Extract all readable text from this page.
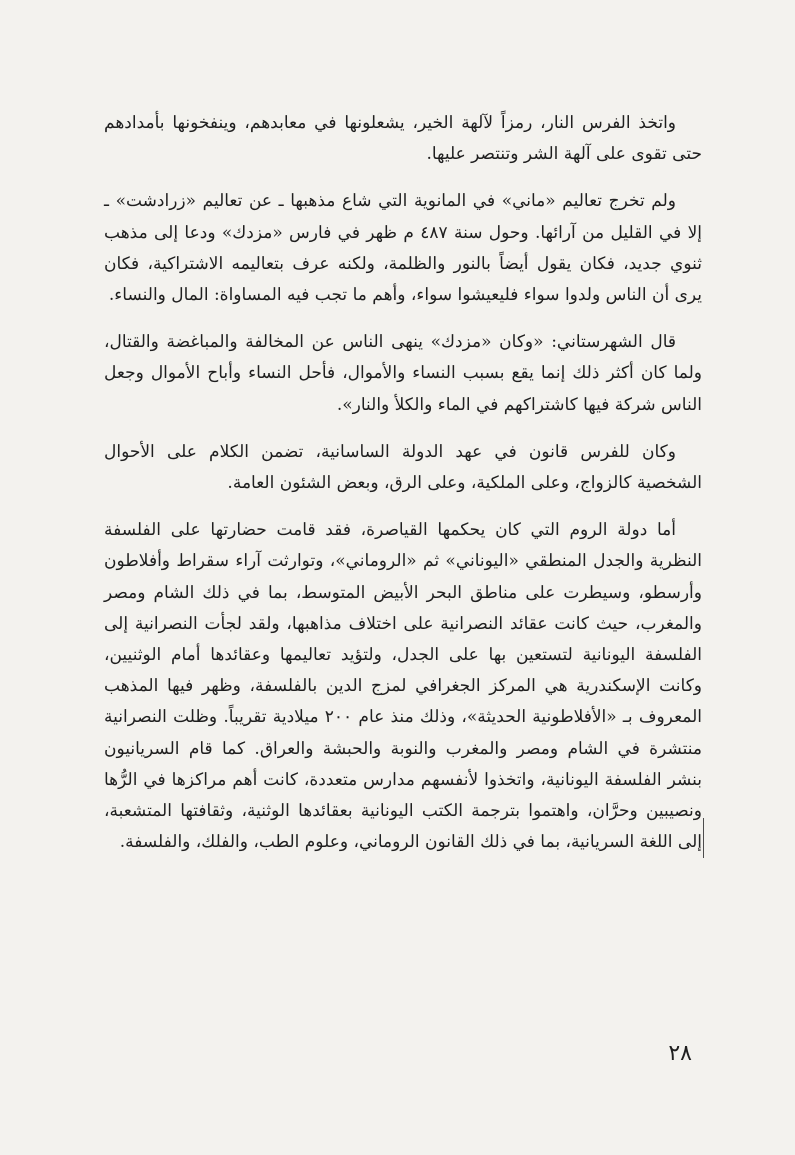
واتخذ الفرس النار، رمزاً لآلهة الخير، يشعلونها في معابدهم، وينفخونها بأمدادهم حتى تقوى على آلهة الشر وتنتصر عليها.

ولم تخرج تعاليم «ماني» في المانوية التي شاع مذهبها ـ عن تعاليم «زرادشت» ـ إلا في القليل من آرائها. وحول سنة ٤٨٧ م ظهر في فارس «مزدك» ودعا إلى مذهب ثنوي جديد، فكان يقول أيضاً بالنور والظلمة، ولكنه عرف بتعاليمه الاشتراكية، فكان يرى أن الناس ولدوا سواء فليعيشوا سواء، وأهم ما تجب فيه المساواة: المال والنساء.

قال الشهرستاني: «وكان «مزدك» ينهى الناس عن المخالفة والمباغضة والقتال، ولما كان أكثر ذلك إنما يقع بسبب النساء والأموال، فأحل النساء وأباح الأموال وجعل الناس شركة فيها كاشتراكهم في الماء والكلأ والنار».

وكان للفرس قانون في عهد الدولة الساسانية، تضمن الكلام على الأحوال الشخصية كالزواج، وعلى الملكية، وعلى الرق، وبعض الشئون العامة.

أما دولة الروم التي كان يحكمها القياصرة، فقد قامت حضارتها على الفلسفة النظرية والجدل المنطقي «اليوناني» ثم «الروماني»، وتوارثت آراء سقراط وأفلاطون وأرسطو، وسيطرت على مناطق البحر الأبيض المتوسط، بما في ذلك الشام ومصر والمغرب، حيث كانت عقائد النصرانية على اختلاف مذاهبها، ولقد لجأت النصرانية إلى الفلسفة اليونانية لتستعين بها على الجدل، ولتؤيد تعاليمها وعقائدها أمام الوثنيين، وكانت الإسكندرية هي المركز الجغرافي لمزج الدين بالفلسفة، وظهر فيها المذهب المعروف بـ «الأفلاطونية الحديثة»، وذلك منذ عام ٢٠٠ ميلادية تقريباً. وظلت النصرانية منتشرة في الشام ومصر والمغرب والنوبة والحبشة والعراق. كما قام السريانيون بنشر الفلسفة اليونانية، واتخذوا لأنفسهم مدارس متعددة، كانت أهم مراكزها في الرُّها ونصيبين وحرَّان، واهتموا بترجمة الكتب اليونانية بعقائدها الوثنية، وثقافتها المتشعبة، إلى اللغة السريانية، بما في ذلك القانون الروماني، وعلوم الطب، والفلك، والفلسفة.

٢٨
